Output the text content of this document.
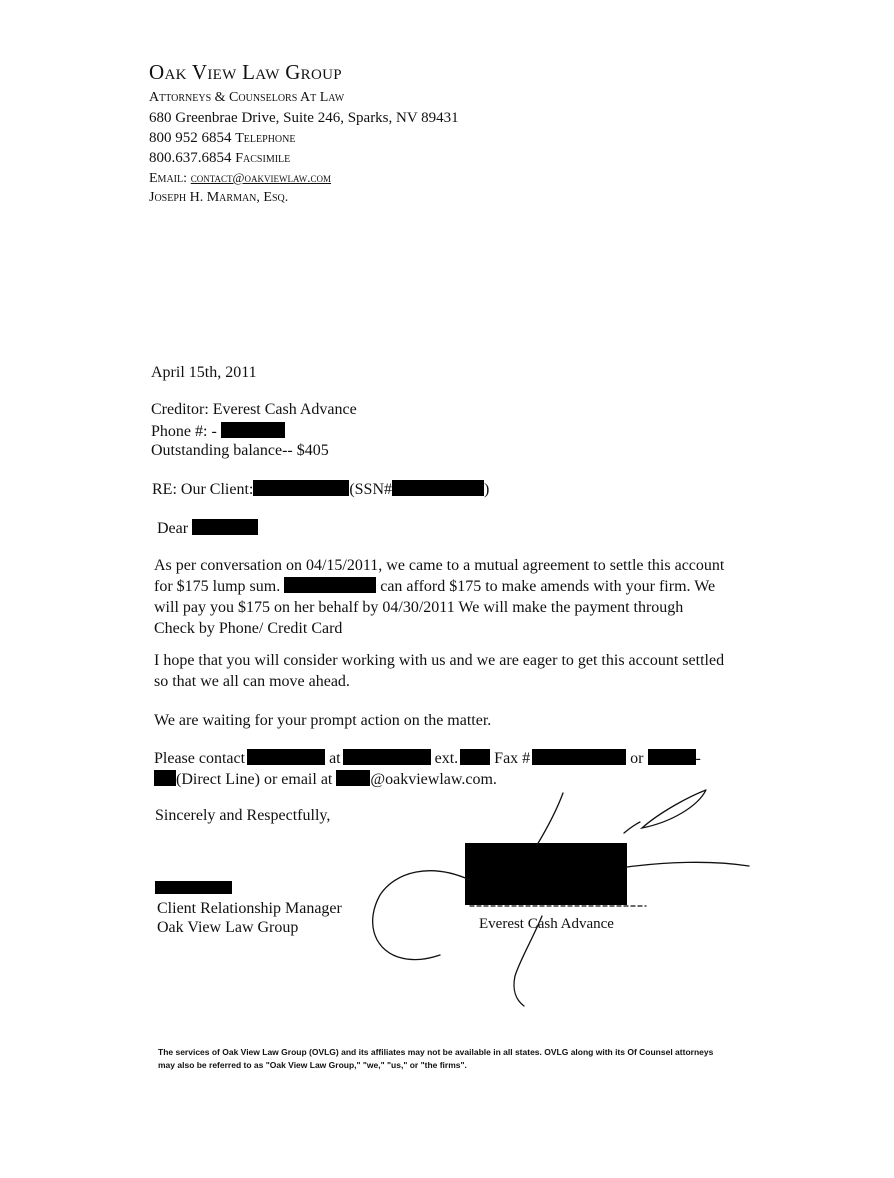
Oak View Law Group
Attorneys & Counselors At Law
680 Greenbrae Drive, Suite 246, Sparks, NV 89431
800 952 6854 Telephone
800.637.6854 Facsimile
Email: contact@oakviewlaw.com
Joseph H. Marman, Esq.
April 15th, 2011
Creditor: Everest Cash Advance
Phone #: -
Outstanding balance-- $405
RE: Our Client:	(SSN#	)
Dear
As per conversation on 04/15/2011, we came to a mutual agreement to settle this account
for $175 lump sum.	can afford $175 to make amends with your firm. We
will pay you $175 on her behalf by 04/30/2011 We will make the payment through
Check by Phone/ Credit Card
I hope that you will consider working with us and we are eager to get this account settled
so that we all can move ahead.
We are waiting for your prompt action on the matter.
Please contact	at	ext. Fax #	or	-
(Direct Line) or email at @oakviewlaw.com.
Sincerely and Respectfully,
Client Relationship Manager
Oak View Law Group	Everest Cash Advance
The services of Oak View Law Group (OVLG) and its affiliates may not be available in all states. OVLG along with its Of Counsel attorneys
may also be referred to as "Oak View Law Group," "we," "us," or "the firms".
